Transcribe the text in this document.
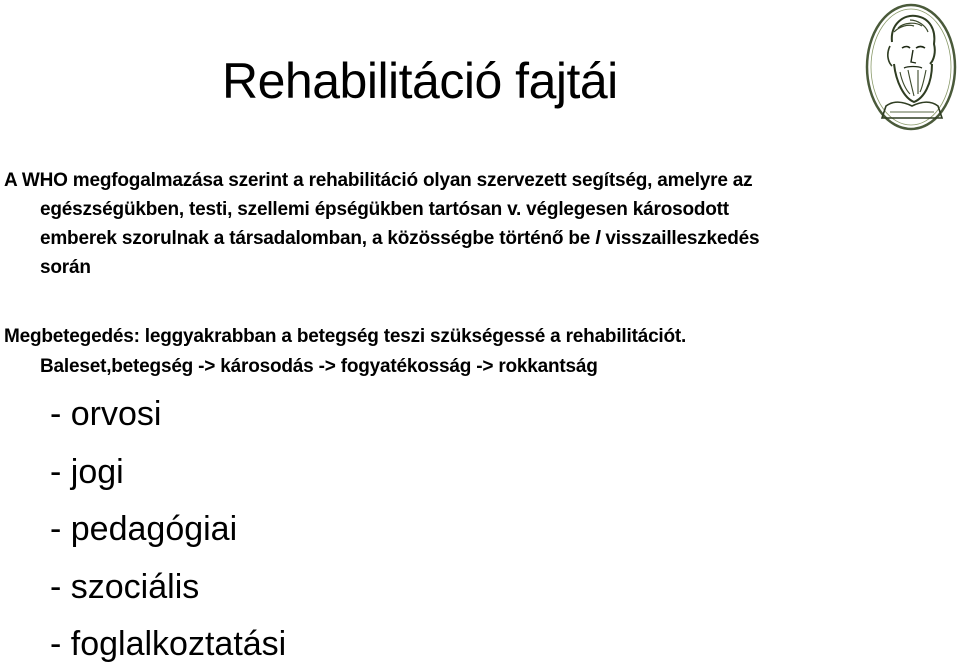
Rehabilitáció fajtái
A WHO megfogalmazása szerint a rehabilitáció olyan szervezett segítség, amelyre az
egészségükben, testi, szellemi épségükben tartósan v. véglegesen károsodott
emberek szorulnak a társadalomban, a közösségbe történő be l visszailleszkedés
során
Megbetegedés: leggyakrabban a betegség teszi szükségessé a rehabilitációt.
Baleset,betegség -> károsodás -> fogyatékosság -> rokkantság
- orvosi
- jogi
- pedagógiai
- szociális
- foglalkoztatási
